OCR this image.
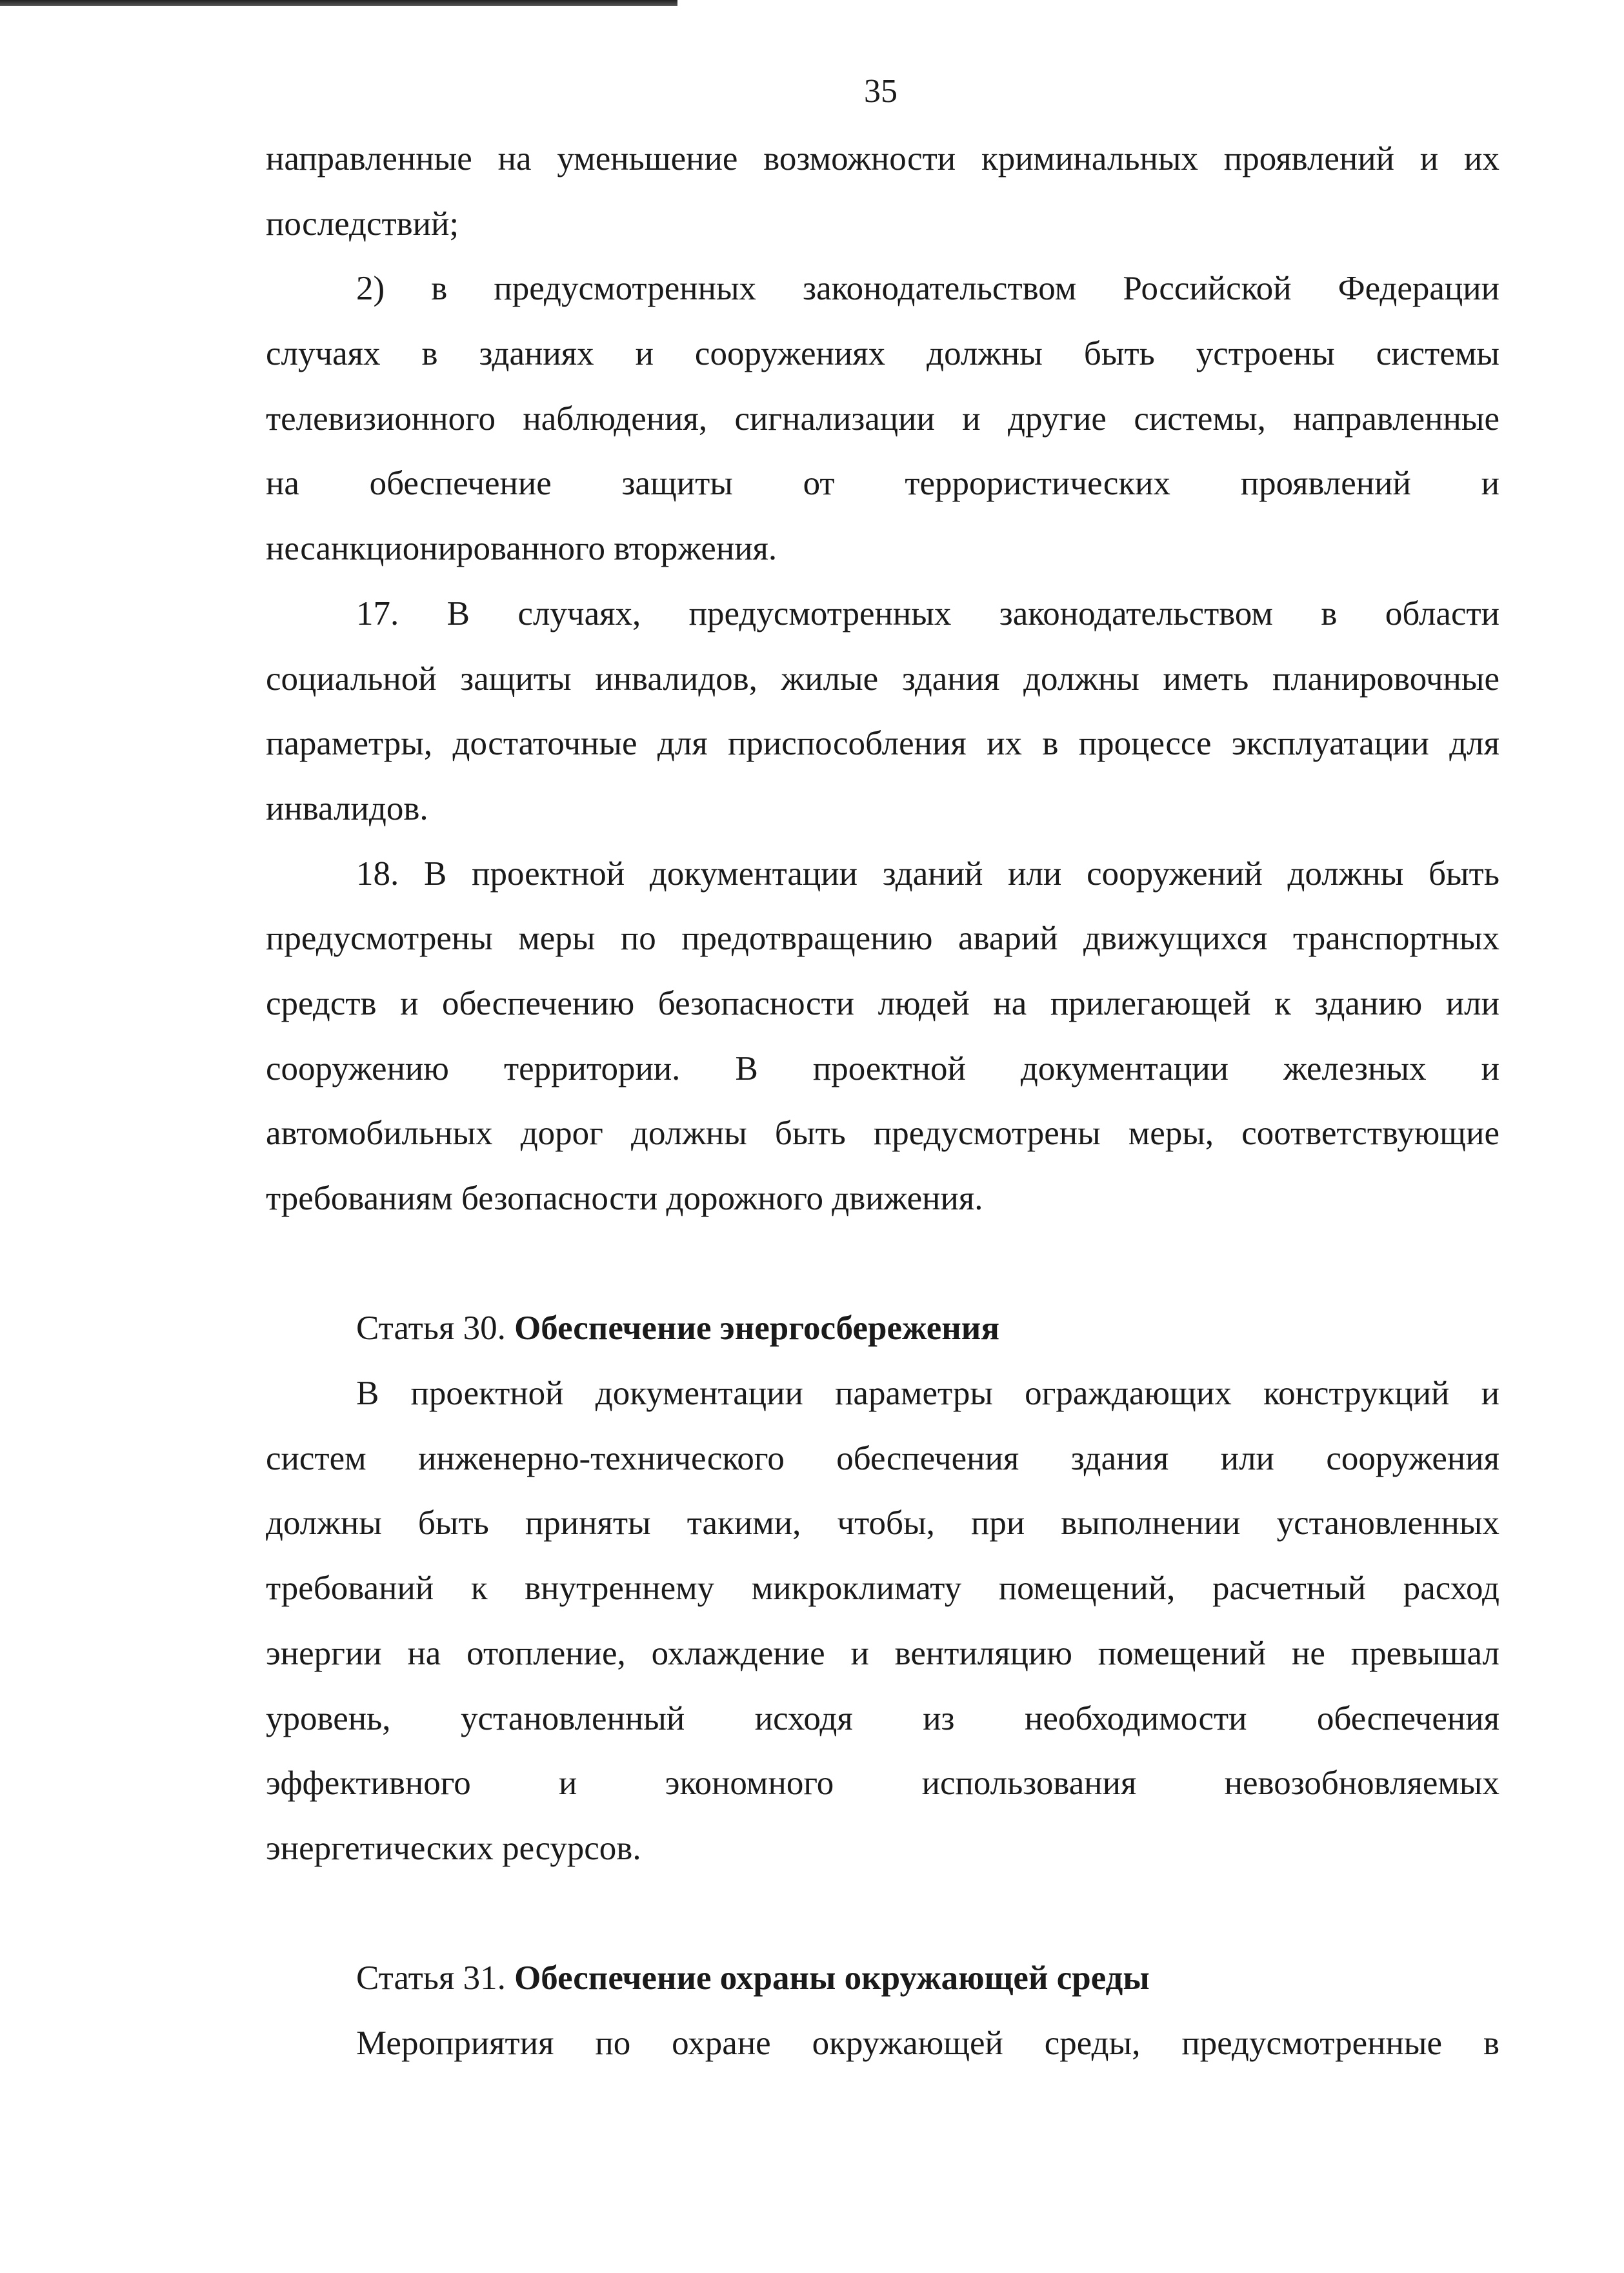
35
направленные на уменьшение возможности криминальных проявлений и их
последствий;
2) в предусмотренных законодательством Российской Федерации
случаях в зданиях и сооружениях должны быть устроены системы
телевизионного наблюдения, сигнализации и другие системы, направленные
на обеспечение защиты от террористических проявлений и
несанкционированного вторжения.
17. В случаях, предусмотренных законодательством в области
социальной защиты инвалидов, жилые здания должны иметь планировочные
параметры, достаточные для приспособления их в процессе эксплуатации для
инвалидов.
18. В проектной документации зданий или сооружений должны быть
предусмотрены меры по предотвращению аварий движущихся транспортных
средств и обеспечению безопасности людей на прилегающей к зданию или
сооружению территории. В проектной документации железных и
автомобильных дорог должны быть предусмотрены меры, соответствующие
требованиям безопасности дорожного движения.
Статья 30. Обеспечение энергосбережения
В проектной документации параметры ограждающих конструкций и
систем инженерно-технического обеспечения здания или сооружения
должны быть приняты такими, чтобы, при выполнении установленных
требований к внутреннему микроклимату помещений, расчетный расход
энергии на отопление, охлаждение и вентиляцию помещений не превышал
уровень, установленный исходя из необходимости обеспечения
эффективного и экономного использования невозобновляемых
энергетических ресурсов.
Статья 31. Обеспечение охраны окружающей среды
Мероприятия по охране окружающей среды, предусмотренные в
